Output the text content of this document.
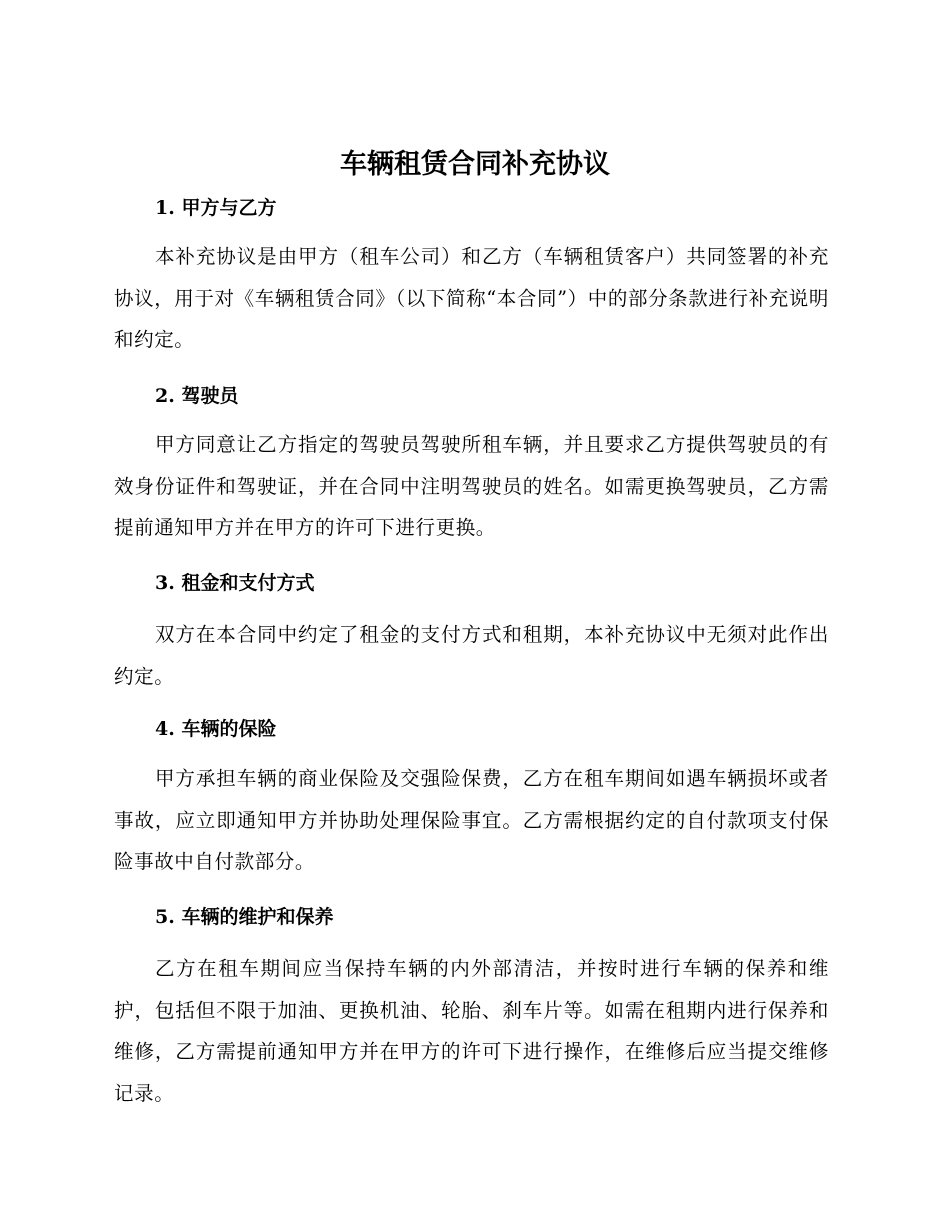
车辆租赁合同补充协议
1. 甲方与乙方

本补充协议是由甲方（租车公司）和乙方（车辆租赁客户）共同签署的补充协议，用于对《车辆租赁合同》（以下简称“本合同”）中的部分条款进行补充说明和约定。

2. 驾驶员

甲方同意让乙方指定的驾驶员驾驶所租车辆，并且要求乙方提供驾驶员的有效身份证件和驾驶证，并在合同中注明驾驶员的姓名。如需更换驾驶员，乙方需提前通知甲方并在甲方的许可下进行更换。

3. 租金和支付方式

双方在本合同中约定了租金的支付方式和租期，本补充协议中无须对此作出约定。

4. 车辆的保险

甲方承担车辆的商业保险及交强险保费，乙方在租车期间如遇车辆损坏或者事故，应立即通知甲方并协助处理保险事宜。乙方需根据约定的自付款项支付保险事故中自付款部分。

5. 车辆的维护和保养

乙方在租车期间应当保持车辆的内外部清洁，并按时进行车辆的保养和维护，包括但不限于加油、更换机油、轮胎、刹车片等。如需在租期内进行保养和维修，乙方需提前通知甲方并在甲方的许可下进行操作，在维修后应当提交维修记录。
